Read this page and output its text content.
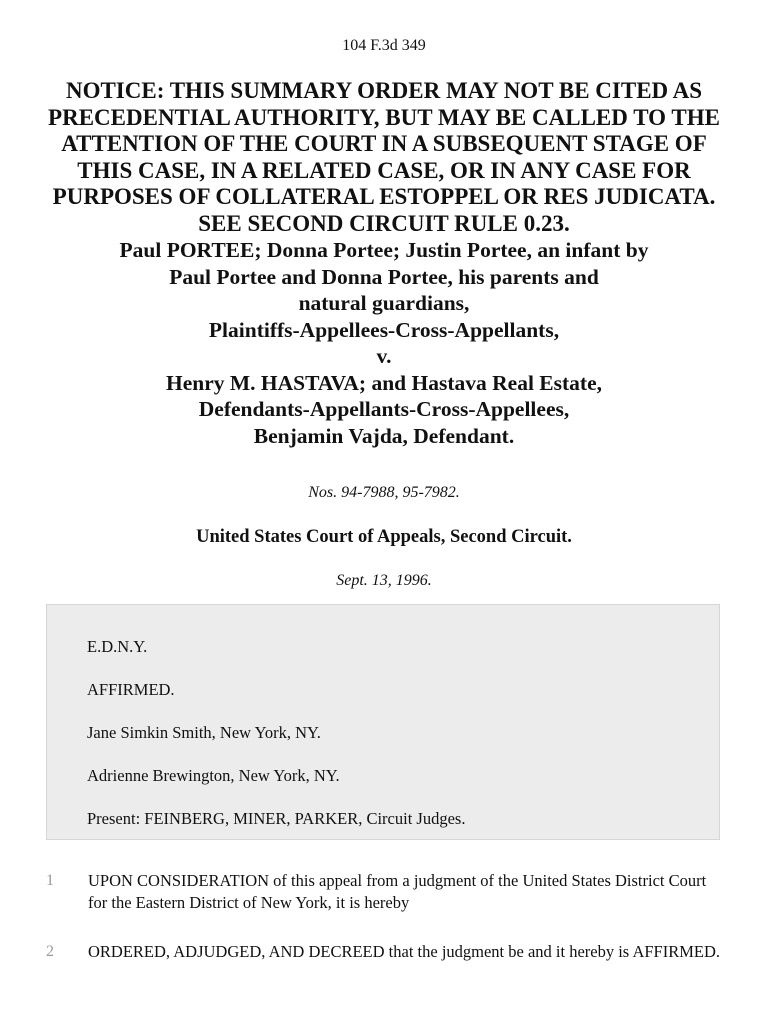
104 F.3d 349
NOTICE: THIS SUMMARY ORDER MAY NOT BE CITED AS PRECEDENTIAL AUTHORITY, BUT MAY BE CALLED TO THE ATTENTION OF THE COURT IN A SUBSEQUENT STAGE OF THIS CASE, IN A RELATED CASE, OR IN ANY CASE FOR PURPOSES OF COLLATERAL ESTOPPEL OR RES JUDICATA. SEE SECOND CIRCUIT RULE 0.23.
Paul PORTEE; Donna Portee; Justin Portee, an infant by
Paul Portee and Donna Portee, his parents and
natural guardians,
Plaintiffs-Appellees-Cross-Appellants,
v.
Henry M. HASTAVA; and Hastava Real Estate,
Defendants-Appellants-Cross-Appellees,
Benjamin Vajda, Defendant.
Nos. 94-7988, 95-7982.
United States Court of Appeals, Second Circuit.
Sept. 13, 1996.

E.D.N.Y.

AFFIRMED.

Jane Simkin Smith, New York, NY.

Adrienne Brewington, New York, NY.

Present: FEINBERG, MINER, PARKER, Circuit Judges.

1 UPON CONSIDERATION of this appeal from a judgment of the United States District Court for the Eastern District of New York, it is hereby
2 ORDERED, ADJUDGED, AND DECREED that the judgment be and it hereby is AFFIRMED.
